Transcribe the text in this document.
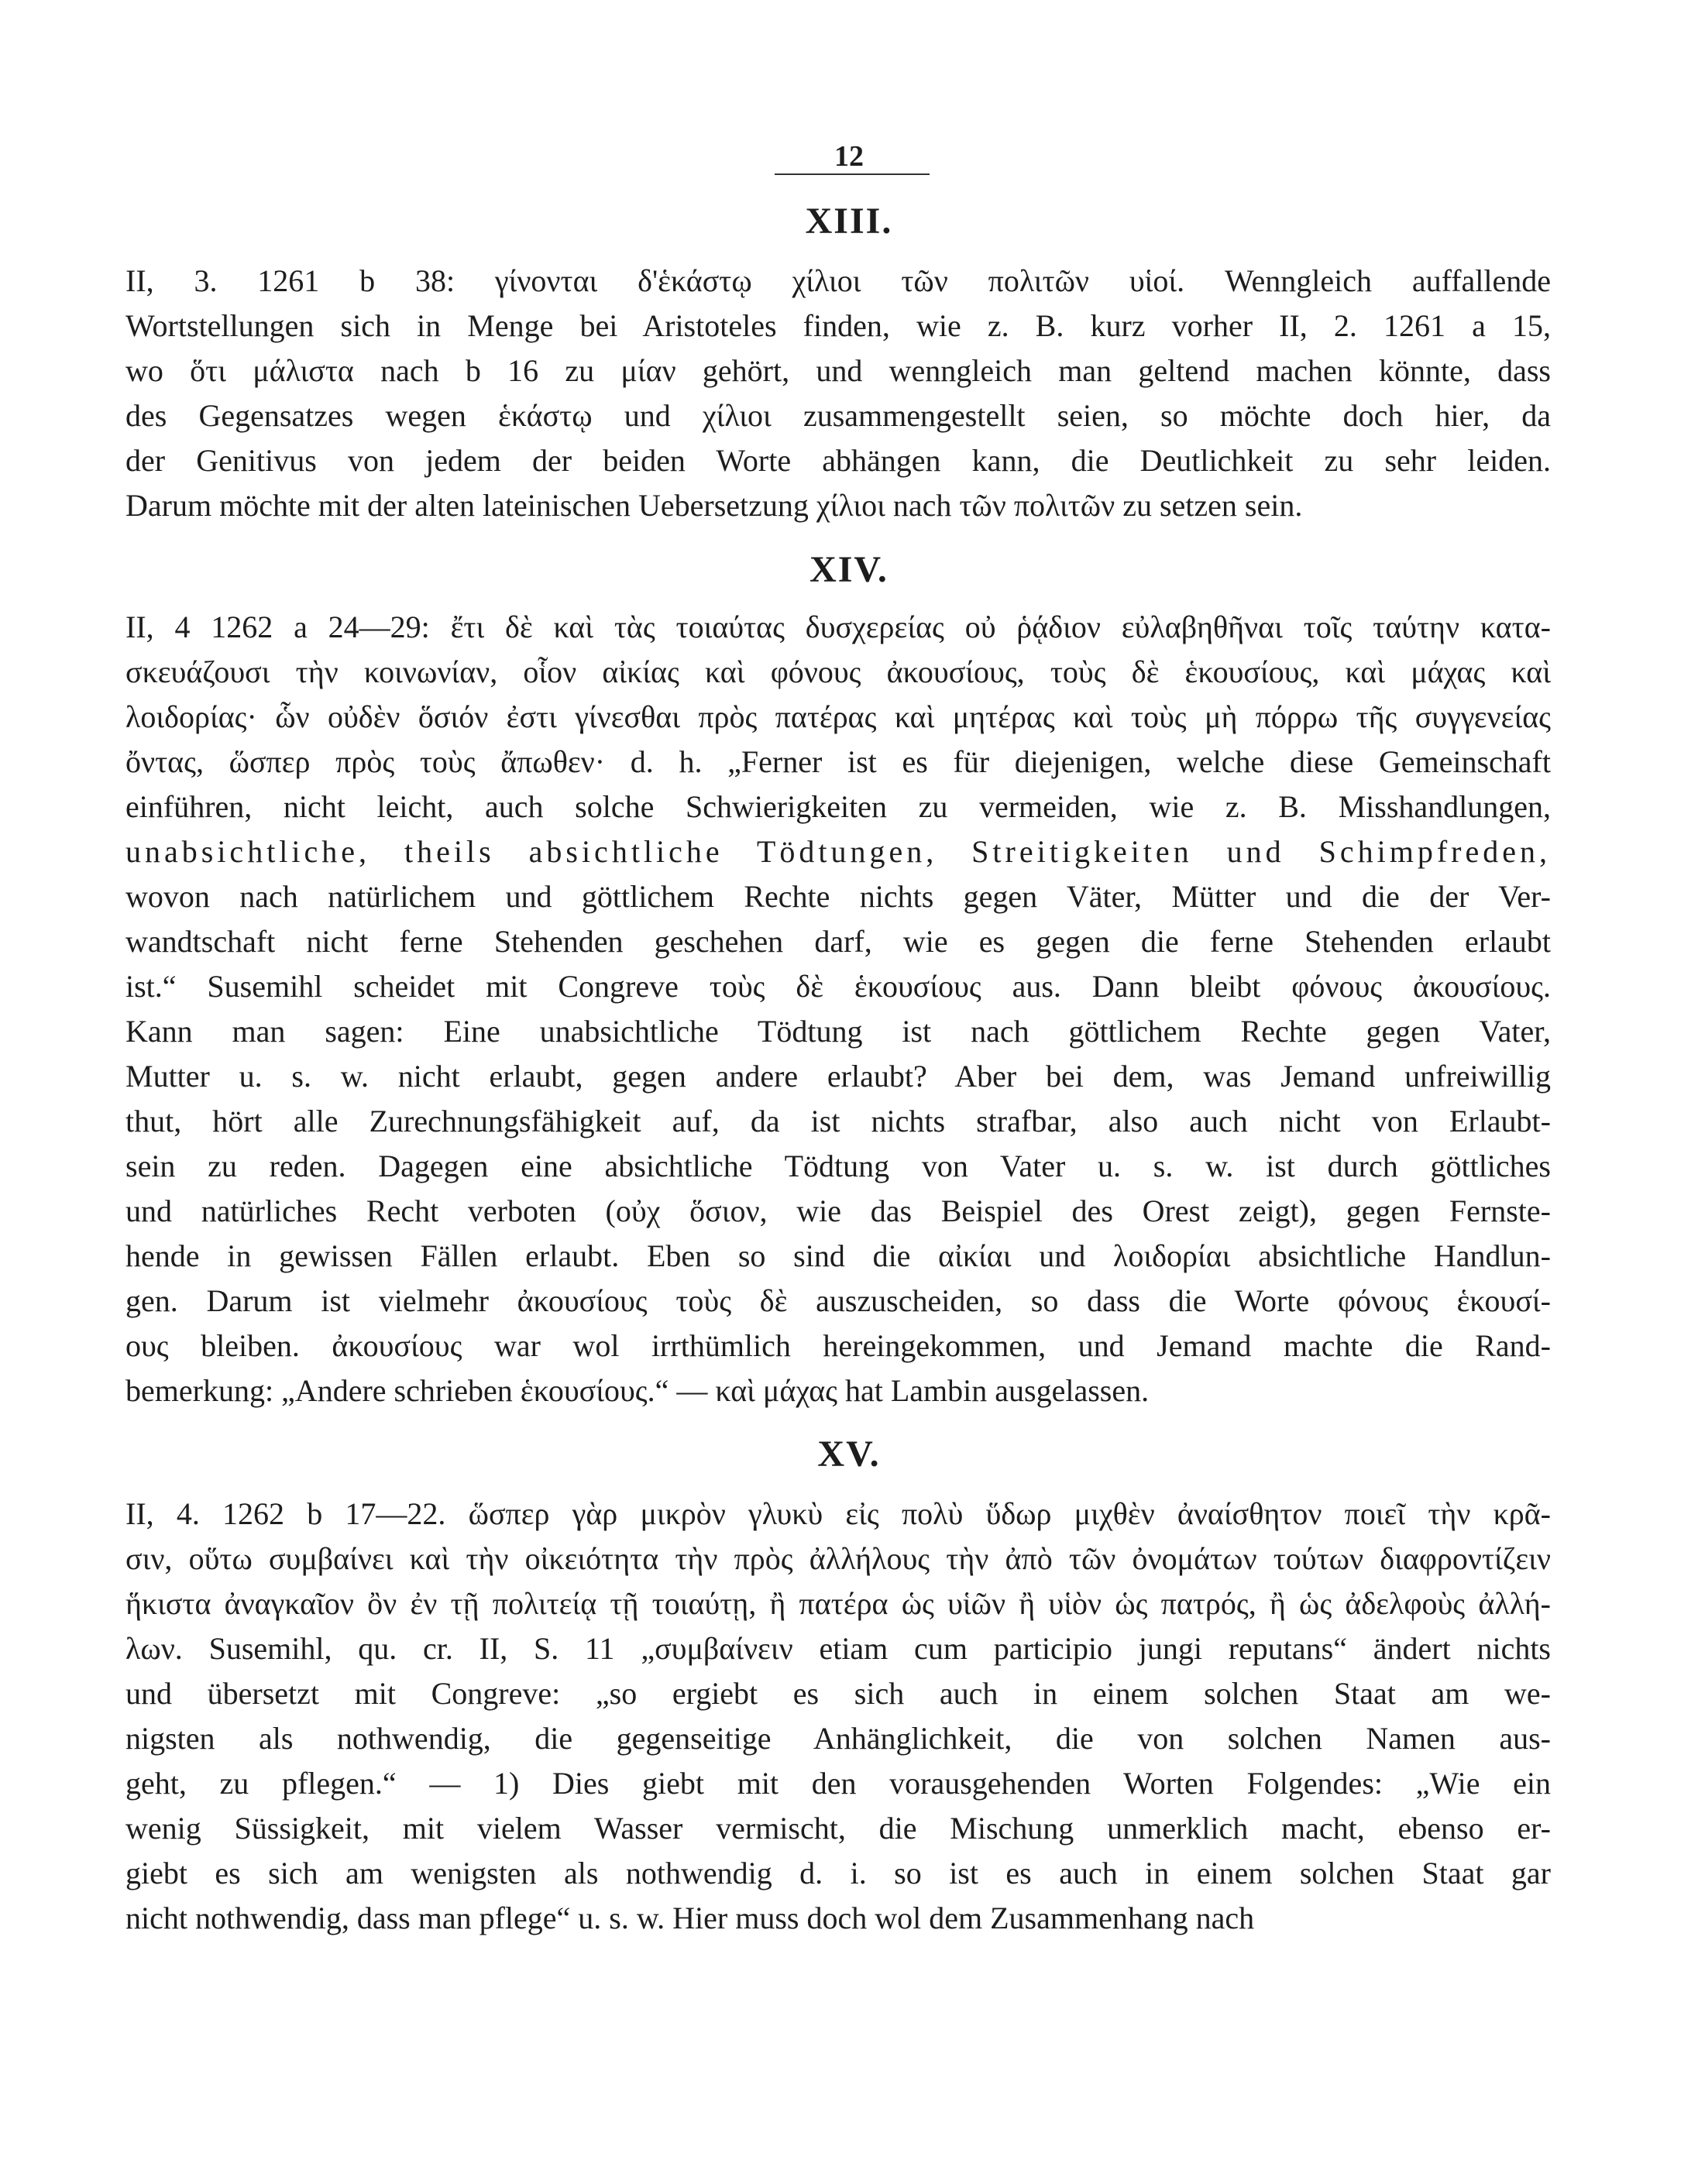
12
XIII.
II, 3. 1261 b 38: γίνονται δ'ἑκάστῳ χίλιοι τῶν πολιτῶν υἱοί. Wenngleich auffallende
Wortstellungen sich in Menge bei Aristoteles finden, wie z. B. kurz vorher II, 2. 1261 a 15,
wo ὅτι μάλιστα nach b 16 zu μίαν gehört, und wenngleich man geltend machen könnte, dass
des Gegensatzes wegen ἑκάστῳ und χίλιοι zusammengestellt seien, so möchte doch hier, da
der Genitivus von jedem der beiden Worte abhängen kann, die Deutlichkeit zu sehr leiden.
Darum möchte mit der alten lateinischen Uebersetzung χίλιοι nach τῶν πολιτῶν zu setzen sein.
XIV.
II, 4 1262 a 24—29: ἔτι δὲ καὶ τὰς τοιαύτας δυσχερείας οὐ ῥᾴδιον εὐλαβηθῆναι τοῖς ταύτην κατα-
σκευάζουσι τὴν κοινωνίαν, οἷον αἰκίας καὶ φόνους ἀκουσίους, τοὺς δὲ ἑκουσίους, καὶ μάχας καὶ
λοιδορίας· ὧν οὐδὲν ὅσιόν ἐστι γίνεσθαι πρὸς πατέρας καὶ μητέρας καὶ τοὺς μὴ πόρρω τῆς συγγενείας
ὄντας, ὥσπερ πρὸς τοὺς ἄπωθεν· d. h. „Ferner ist es für diejenigen, welche diese Gemeinschaft
einführen, nicht leicht, auch solche Schwierigkeiten zu vermeiden, wie z. B. Misshandlungen,
unabsichtliche, theils absichtliche Tödtungen, Streitigkeiten und Schimpfreden,
wovon nach natürlichem und göttlichem Rechte nichts gegen Väter, Mütter und die der Ver-
wandtschaft nicht ferne Stehenden geschehen darf, wie es gegen die ferne Stehenden erlaubt
ist.“ Susemihl scheidet mit Congreve τοὺς δὲ ἑκουσίους aus. Dann bleibt φόνους ἀκουσίους.
Kann man sagen: Eine unabsichtliche Tödtung ist nach göttlichem Rechte gegen Vater,
Mutter u. s. w. nicht erlaubt, gegen andere erlaubt? Aber bei dem, was Jemand unfreiwillig
thut, hört alle Zurechnungsfähigkeit auf, da ist nichts strafbar, also auch nicht von Erlaubt-
sein zu reden. Dagegen eine absichtliche Tödtung von Vater u. s. w. ist durch göttliches
und natürliches Recht verboten (οὐχ ὅσιον, wie das Beispiel des Orest zeigt), gegen Fernste-
hende in gewissen Fällen erlaubt. Eben so sind die αἰκίαι und λοιδορίαι absichtliche Handlun-
gen. Darum ist vielmehr ἀκουσίους τοὺς δὲ auszuscheiden, so dass die Worte φόνους ἑκουσί-
ους bleiben. ἀκουσίους war wol irrthümlich hereingekommen, und Jemand machte die Rand-
bemerkung: „Andere schrieben ἑκουσίους.“ — καὶ μάχας hat Lambin ausgelassen.
XV.
II, 4. 1262 b 17—22. ὥσπερ γὰρ μικρὸν γλυκὺ εἰς πολὺ ὕδωρ μιχθὲν ἀναίσθητον ποιεῖ τὴν κρᾶ-
σιν, οὕτω συμβαίνει καὶ τὴν οἰκειότητα τὴν πρὸς ἀλλήλους τὴν ἀπὸ τῶν ὀνομάτων τούτων διαφροντίζειν
ἥκιστα ἀναγκαῖον ὂν ἐν τῇ πολιτείᾳ τῇ τοιαύτῃ, ἢ πατέρα ὡς υἱῶν ἢ υἱὸν ὡς πατρός, ἢ ὡς ἀδελφοὺς ἀλλή-
λων. Susemihl, qu. cr. II, S. 11 „συμβαίνειν etiam cum participio jungi reputans“ ändert nichts
und übersetzt mit Congreve: „so ergiebt es sich auch in einem solchen Staat am we-
nigsten als nothwendig, die gegenseitige Anhänglichkeit, die von solchen Namen aus-
geht, zu pflegen.“ — 1) Dies giebt mit den vorausgehenden Worten Folgendes: „Wie ein
wenig Süssigkeit, mit vielem Wasser vermischt, die Mischung unmerklich macht, ebenso er-
giebt es sich am wenigsten als nothwendig d. i. so ist es auch in einem solchen Staat gar
nicht nothwendig, dass man pflege“ u. s. w. Hier muss doch wol dem Zusammenhang nach
